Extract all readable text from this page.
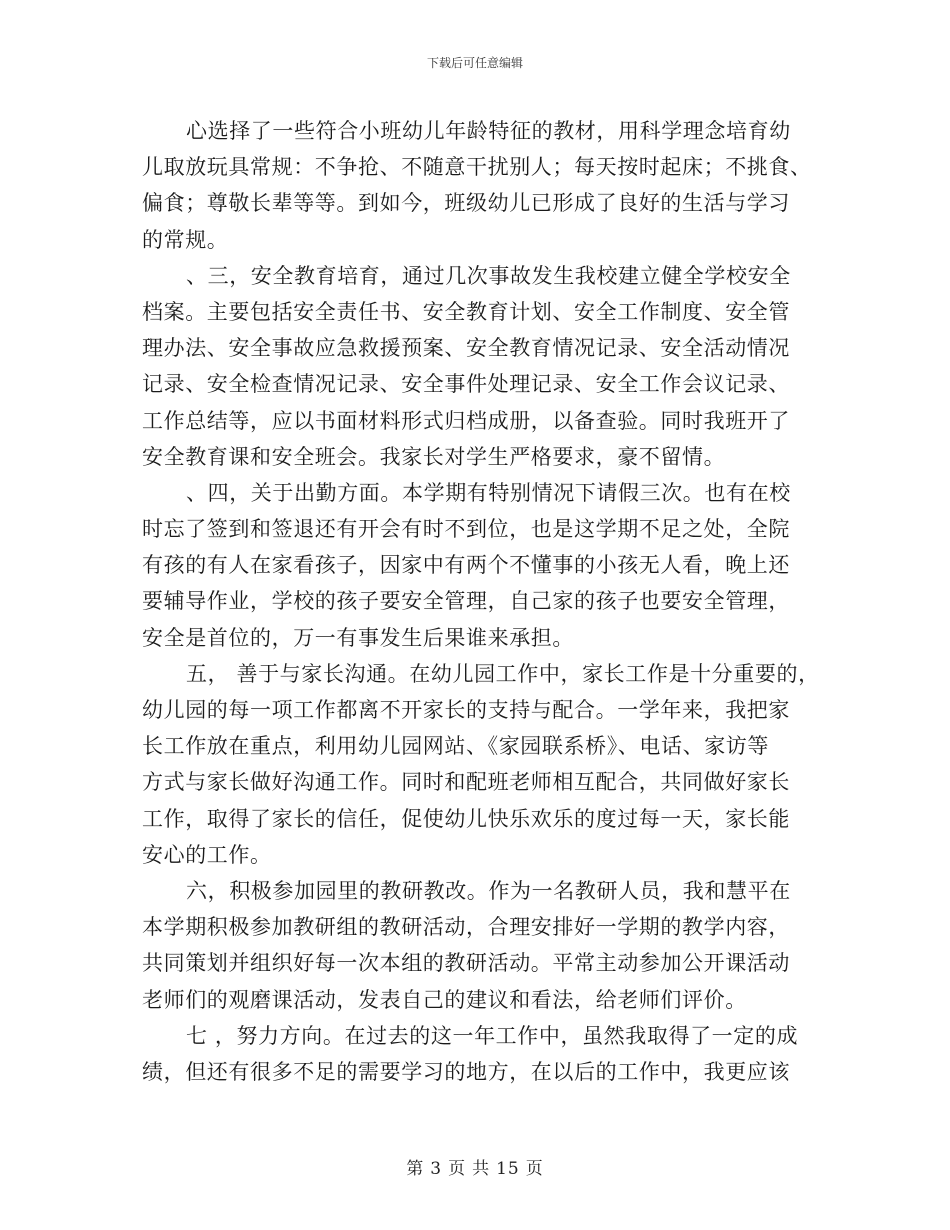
下载后可任意编辑
心选择了一些符合小班幼儿年龄特征的教材，用科学理念培育幼
儿取放玩具常规：不争抢、不随意干扰别人；每天按时起床；不挑食、
偏食；尊敬长辈等等。到如今，班级幼儿已形成了良好的生活与学习
的常规。
、三，安全教育培育，通过几次事故发生我校建立健全学校安全
档案。主要包括安全责任书、安全教育计划、安全工作制度、安全管
理办法、安全事故应急救援预案、安全教育情况记录、安全活动情况
记录、安全检查情况记录、安全事件处理记录、安全工作会议记录、
工作总结等，应以书面材料形式归档成册，以备查验。同时我班开了
安全教育课和安全班会。我家长对学生严格要求，豪不留情。
、四，关于出勤方面。本学期有特别情况下请假三次。也有在校
时忘了签到和签退还有开会有时不到位，也是这学期不足之处，全院
有孩的有人在家看孩子，因家中有两个不懂事的小孩无人看，晚上还
要辅导作业，学校的孩子要安全管理，自己家的孩子也要安全管理，
安全是首位的，万一有事发生后果谁来承担。
五， 善于与家长沟通。在幼儿园工作中，家长工作是十分重要的，
幼儿园的每一项工作都离不开家长的支持与配合。一学年来，我把家
长工作放在重点，利用幼儿园网站、《家园联系桥》、电话、家访等
方式与家长做好沟通工作。同时和配班老师相互配合，共同做好家长
工作，取得了家长的信任，促使幼儿快乐欢乐的度过每一天，家长能
安心的工作。
六，积极参加园里的教研教改。作为一名教研人员，我和慧平在
本学期积极参加教研组的教研活动，合理安排好一学期的教学内容，
共同策划并组织好每一次本组的教研活动。平常主动参加公开课活动
老师们的观磨课活动，发表自己的建议和看法，给老师们评价。
七 ，努力方向。在过去的这一年工作中，虽然我取得了一定的成
绩，但还有很多不足的需要学习的地方，在以后的工作中，我更应该
第 3 页 共 15 页
